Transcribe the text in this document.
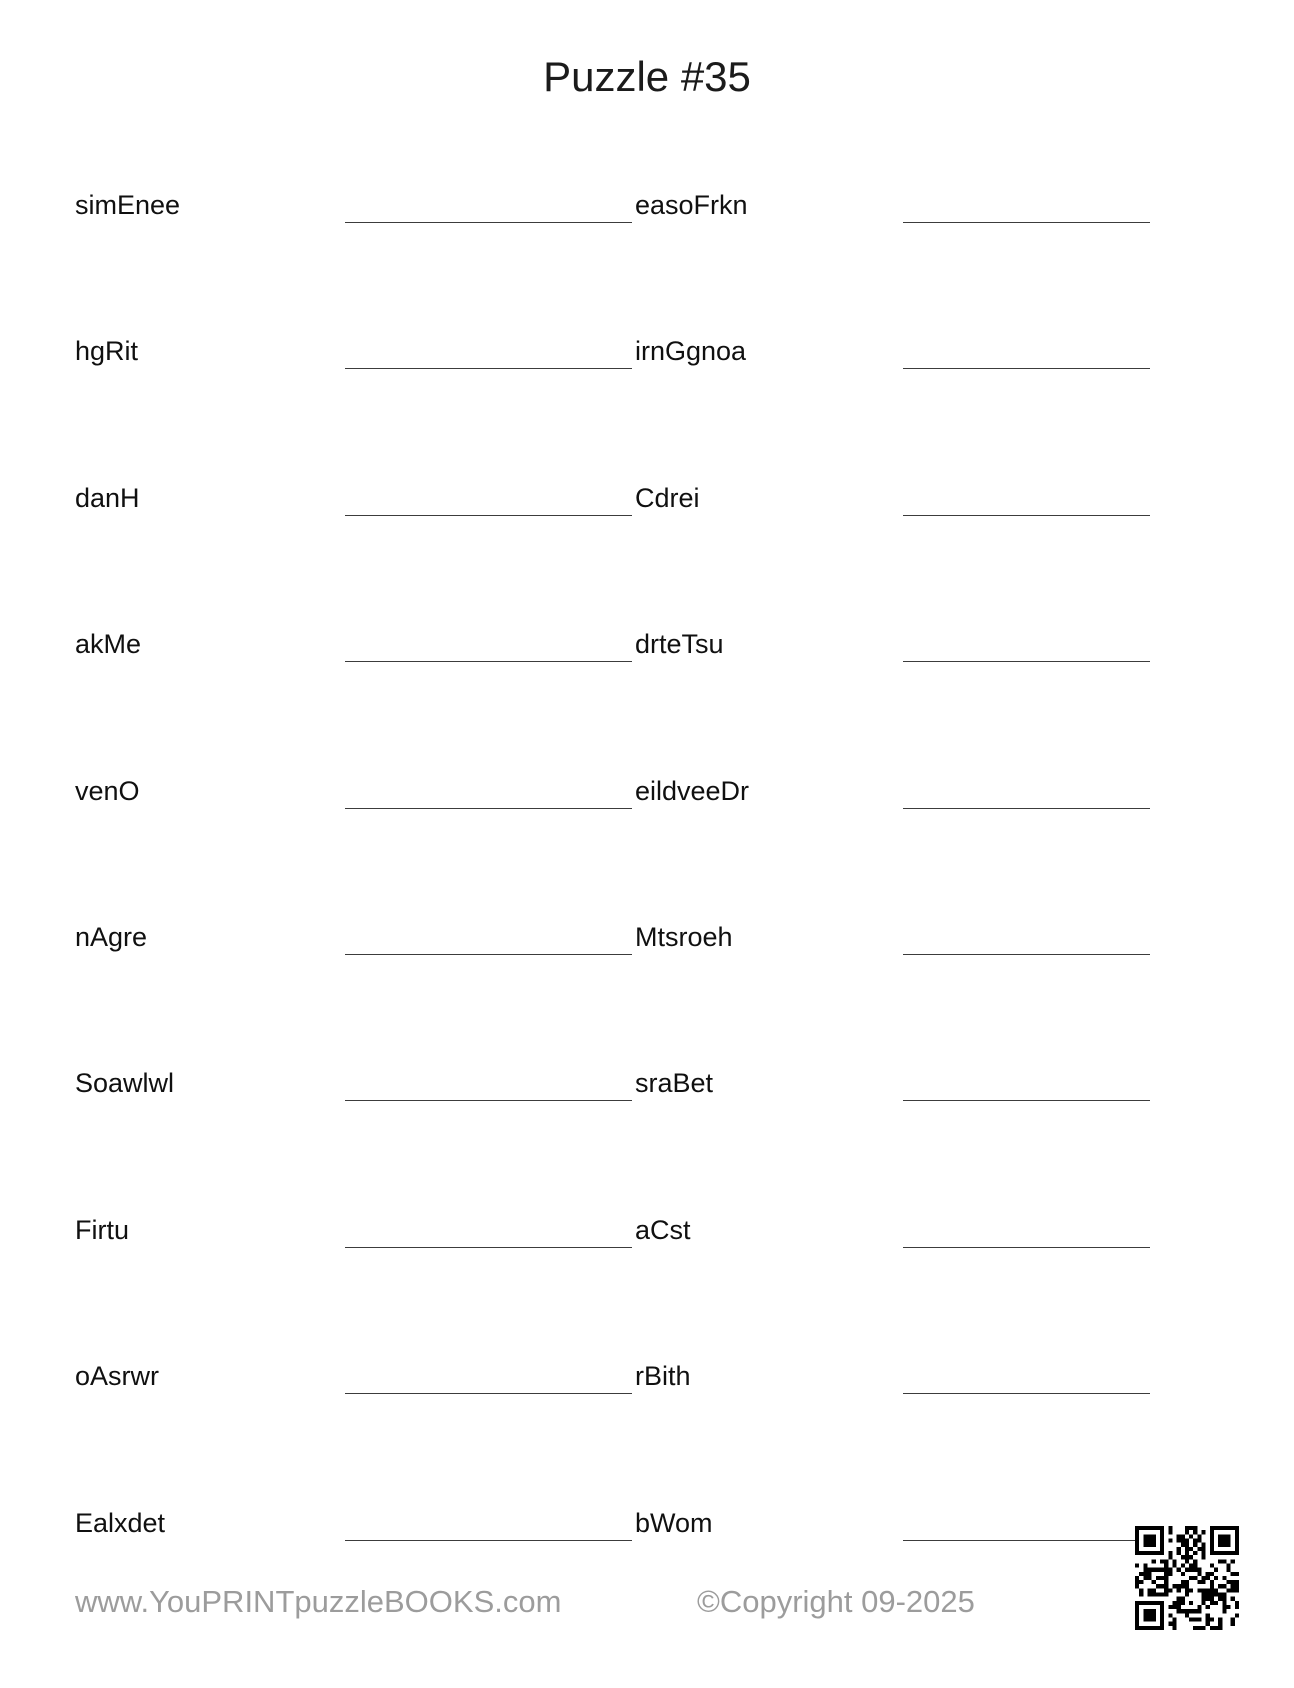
Puzzle #35
simEnee	easoFrkn
hgRit	irnGgnoa
danH	Cdrei
akMe	drteTsu
venO	eildveeDr
nAgre	Mtsroeh
Soawlwl	sraBet
Firtu	aCst
oAsrwr	rBith
Ealxdet	bWom
www.YouPRINTpuzzleBOOKS.com	©Copyright 09-2025
